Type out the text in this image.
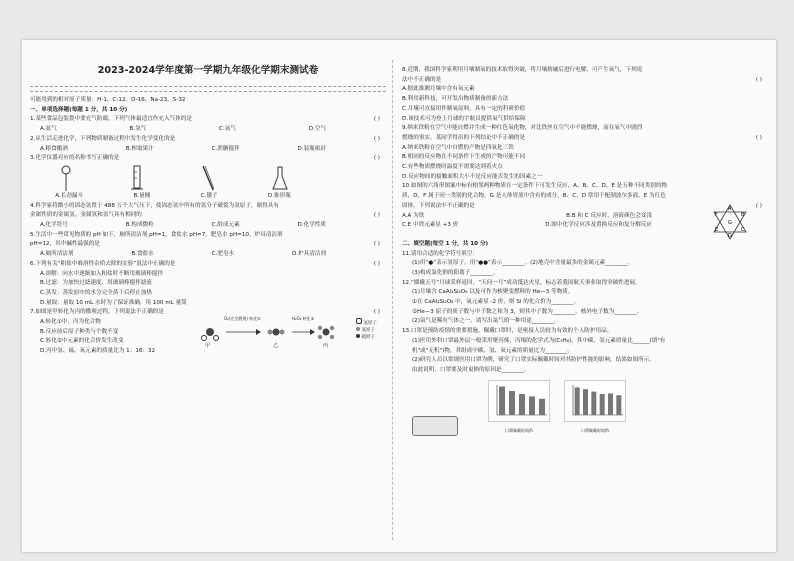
2023-2024学年度第一学期九年级化学期末测试卷
可能用到的相对原子质量：H-1、C-12、O-16、Na-23、S-32
一、单项选择题(每题 1 分，共 10 分)
1.某些食品包装袋中要充气防腐，下列气体最适宜作充入气体的是	( )
A.氮气	B.氢气	C.氧气	D.空气
2.从生活走进化学，下列物质制备过程中发生化学变化的是	( )
A.粮食酿酒	B.榨取果汁	C.蔗糖搅拌	D.装瓶密封
3.化学仪器对应的名称书写正确的是	( )
A.长劲漏斗	B.量桶	C.镊子	D.锥形瓶
4.科学家将微小的固态氢置于 488 万个大气压下，使固态氢中所有的氢分子破裂为氢原子，制得具有
金属性质的金属氢。金属氢和氢气具有相同的	( )
A.化学符号	B.构成微粒	C.组成元素	D.化学性质
5.生活中一些常见物质的 pH 如下，厕所清洁剂 pH=1，食盐水 pH=7，肥皂水 pH=10，炉具清洁剂
pH=12，其中碱性最强的是	( )
A.厕所清洁剂	B.食盐水	C.肥皂水	D.炉具清洁剂
6.下列有关“粗盐中难溶性杂质去除的实验”说法中正确的是	( )
A.溶解：向水中逐渐加入粗盐时不断用玻璃棒搅拌
B.过滤：为加快过滤速度，用玻璃棒搅拌滤液
C.蒸发：蒸发皿中的水分完全蒸干后停止加热
D.量取：量取 10 mL 水时为了保证准确，用 100 mL 量筒
7.如图是甲转化为丙的微观过程，下列说法不正确的是	( )
A.转化①中，丙为化合物
B.反应前后原子种类与个数不变
C.转化②中元素的化合价发生改变
D.丙中氢、硫、氧元素的质量比为 1：16：32
O₂(完全燃烧) 转化①	H₂O₂ 转化②
甲	乙	丙
氢原子
氧原子
硫原子
8.近期，我国科学家利用月壤制氧的技术取得突破，将月壤熔融后进行电解，可产生氧气，下列说
法中不正确的是	( )
A.据此推测月壤中含有氧元素
B.利用新科技，可开发出物质制备的新方法
C.月壤可直接用作制氧原料，具有一定的科研价值
D.该技术可为登上月球的宇航员提供氧气供给保障
9.纳米铁粉在空气中能自燃并生成一种红色氧化物，对比铁丝在空气中不能燃烧，而在氧气中剧烈
燃烧的事实，某同学得出的下列结论中不正确的是	( )
A.纳米铁粉在空气中自燃的产物是四氧化三铁
B.相同的反应物在不同条件下生成的产物可能不同
C.有些物质燃烧时温度不需要达到着火点
D.反应物间的接触面积大小不是反应能否发生的因素之一
10.如图的六角形图案中标有相邻两种物质在一定条件下可发生反应，A、B、C、D、E 是五种不同类别的物
质，D、F 属于同一类别的化合物，G 是人体胃液中含有的成分，B、C、D 常用于配制波尔多液，E 为红色
固体。下列说法中不正确的是
A.A 为铁	B.B 和 C 反应时，溶液颜色会变浅
C.E 中铁元素显 +3 价	D.图中化学反应涉及置换反应和复分解反应
( )
A
B
C
D
E
F
G
二、填空题(每空 1 分，共 10 分)
11.请用合适的化学符号填空：
(1)用“●”表示氢原子，用“●●”表示________。(2)地壳中含量最多的金属元素________。
(3)构成氯化钠的阳离子________。
12.“嫦娥五号”月球采样返回，“天问一号”成功抵达火星，标志着我国航天事业取得突破性进展。
(1)月壤含 CaAl₂Si₂O₈ 以及可作为核聚变燃料的 He—3 等物质。
①在 CaAl₂Si₂O₈ 中，氧元素显 -2 价，则 Si 的化合价为________。
②He—3 原子的质子数与中子数之和为 3，则其中子数为________，核外电子数为________。
(2)氩气是稀有气体之一，请写出氩气的一种用途________。
13.口罩是预防疫情的重要措施，佩戴口罩时，是密接人员较为有效的个人防护用品。
(1)医用外科口罩最外层一般采用聚丙烯，丙烯的化学式为(C₃H₆)，其中碳、氢元素质量比______(填"有
机"或"无机")物，其组成中碳、氢、氧元素的质量比为________。
(2)研究人员以常规医用口罩为例，研究了口罩实际佩戴时间对其防护性能的影响，结果如图所示，
由此说明，口罩要及时更换的原因是________。
口罩佩戴时间/h	口罩佩戴时间/h
